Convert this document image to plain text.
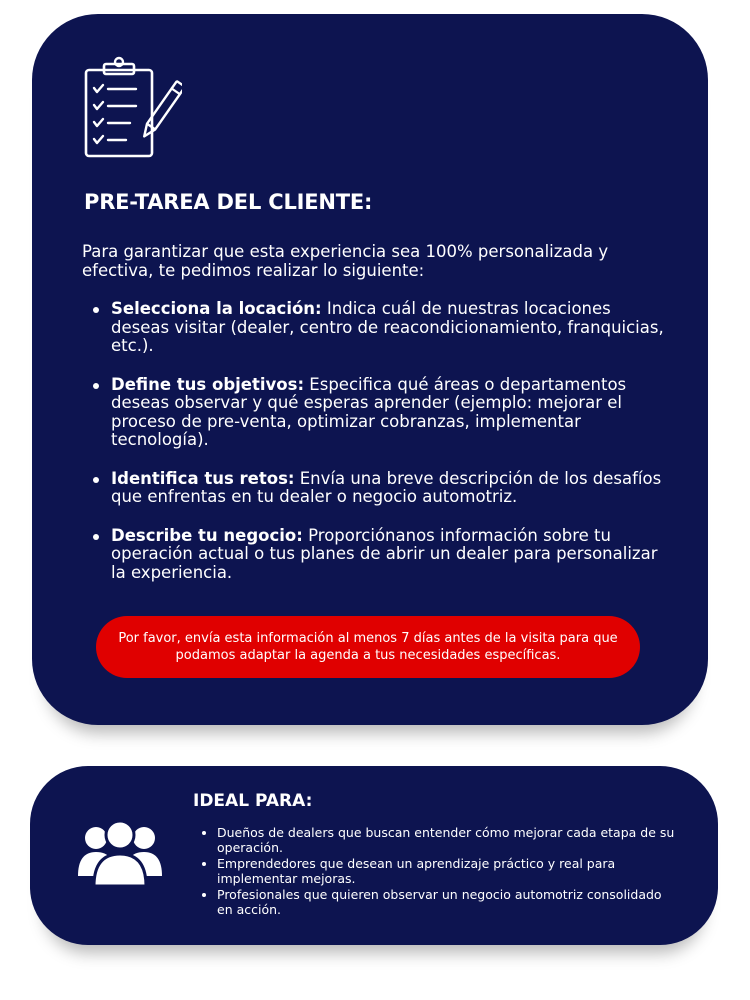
PRE-TAREA DEL CLIENTE:

Para garantizar que esta experiencia sea 100% personalizada y efectiva, te pedimos realizar lo siguiente:

Selecciona la locación: Indica cuál de nuestras locaciones deseas visitar (dealer, centro de reacondicionamiento, franquicias, etc.).
Define tus objetivos: Especifica qué áreas o departamentos deseas observar y qué esperas aprender (ejemplo: mejorar el proceso de pre-venta, optimizar cobranzas, implementar tecnología).
Identifica tus retos: Envía una breve descripción de los desafíos que enfrentas en tu dealer o negocio automotriz.
Describe tu negocio: Proporciónanos información sobre tu operación actual o tus planes de abrir un dealer para personalizar la experiencia.
Por favor, envía esta información al menos 7 días antes de la visita para que podamos adaptar la agenda a tus necesidades específicas.
IDEAL PARA:
Dueños de dealers que buscan entender cómo mejorar cada etapa de su operación.
Emprendedores que desean un aprendizaje práctico y real para implementar mejoras.
Profesionales que quieren observar un negocio automotriz consolidado en acción.
